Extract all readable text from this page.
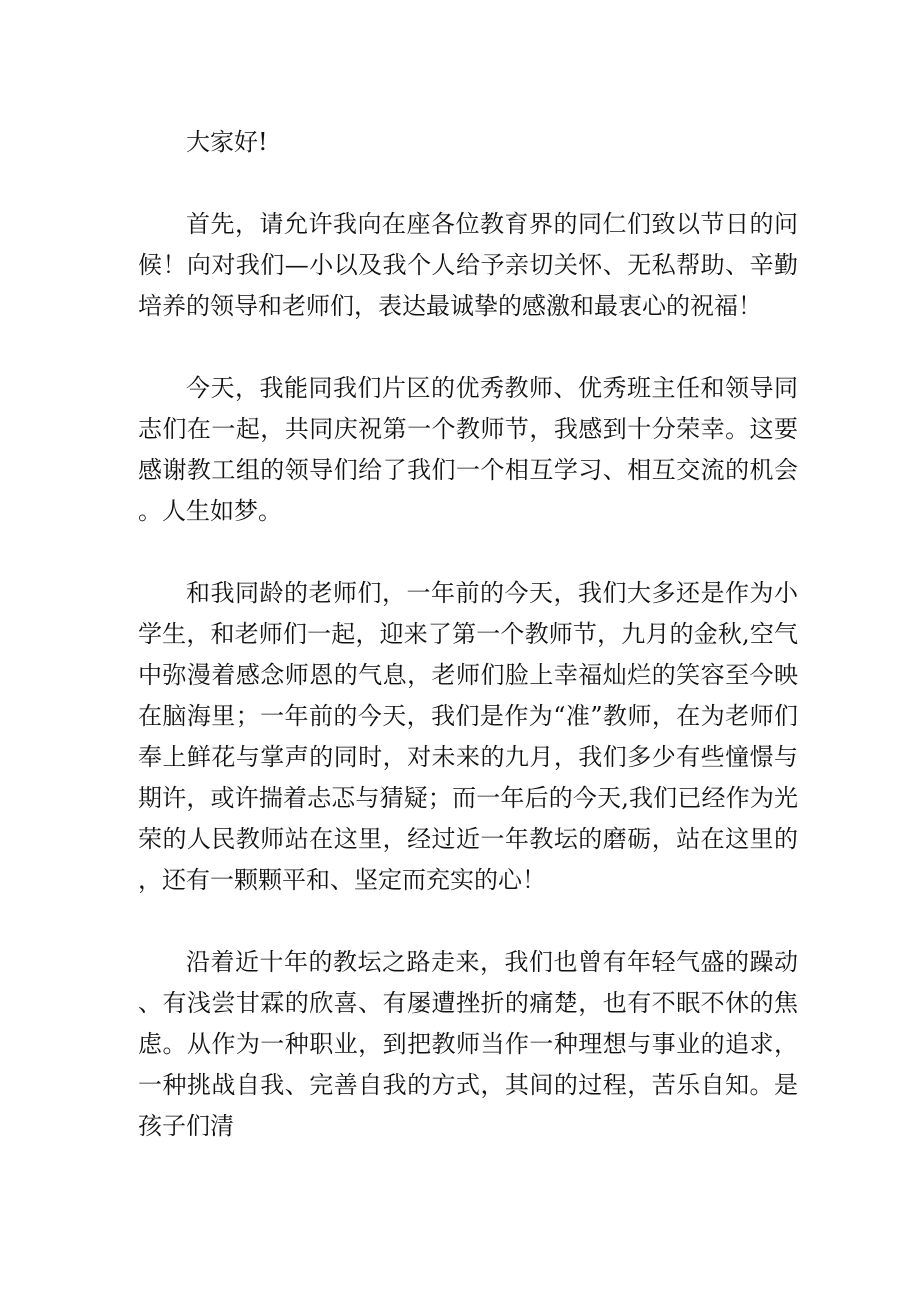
大家好!

首先，请允许我向在座各位教育界的同仁们致以节日的问候！向对我们—小以及我个人给予亲切关怀、无私帮助、辛勤培养的领导和老师们，表达最诚挚的感激和最衷心的祝福！

今天，我能同我们片区的优秀教师、优秀班主任和领导同志们在一起，共同庆祝第一个教师节，我感到十分荣幸。这要感谢教工组的领导们给了我们一个相互学习、相互交流的机会。人生如梦。

和我同龄的老师们，一年前的今天，我们大多还是作为小学生，和老师们一起，迎来了第一个教师节，九月的金秋,空气中弥漫着感念师恩的气息，老师们脸上幸福灿烂的笑容至今映在脑海里；一年前的今天，我们是作为“准”教师，在为老师们奉上鲜花与掌声的同时，对未来的九月，我们多少有些憧憬与期许，或许揣着忐忑与猜疑；而一年后的今天,我们已经作为光荣的人民教师站在这里，经过近一年教坛的磨砺，站在这里的，还有一颗颗平和、坚定而充实的心！

沿着近十年的教坛之路走来，我们也曾有年轻气盛的躁动、有浅尝甘霖的欣喜、有屡遭挫折的痛楚，也有不眠不休的焦虑。从作为一种职业，到把教师当作一种理想与事业的追求，一种挑战自我、完善自我的方式，其间的过程，苦乐自知。是孩子们清
